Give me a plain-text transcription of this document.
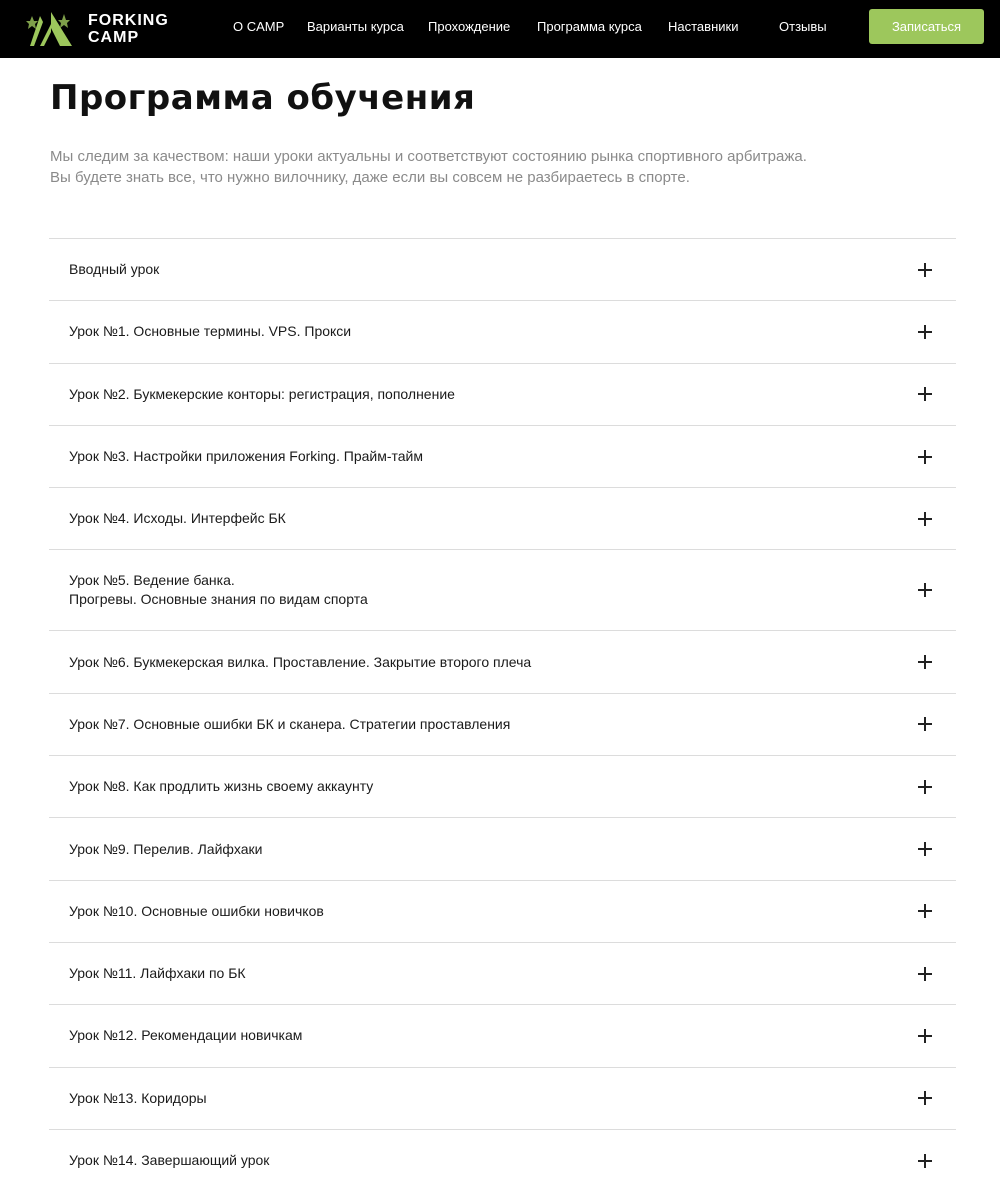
FORKING
CAMP
О CAMP Варианты курса Прохождение Программа курса Наставники	Отзывы	Записаться
Программа обучения

Мы следим за качеством: наши уроки актуальны и соответствуют состоянию рынка спортивного арбитража.

Вы будете знать все, что нужно вилочнику, даже если вы совсем не разбираетесь в спорте.

Вводный урок
Урок №1. Основные термины. VPS. Прокси
Урок №2. Букмекерские конторы: регистрация, пополнение
Урок №3. Настройки приложения Forking. Прайм-тайм
Урок №4. Исходы. Интерфейс БК
Урок №5. Ведение банка.
Прогревы. Основные знания по видам спорта
Урок №6. Букмекерская вилка. Проставление. Закрытие второго плеча
Урок №7. Основные ошибки БК и сканера. Стратегии проставления
Урок №8. Как продлить жизнь своему аккаунту
Урок №9. Перелив. Лайфхаки
Урок №10. Основные ошибки новичков
Урок №11. Лайфхаки по БК
Урок №12. Рекомендации новичкам
Урок №13. Коридоры
Урок №14. Завершающий урок
